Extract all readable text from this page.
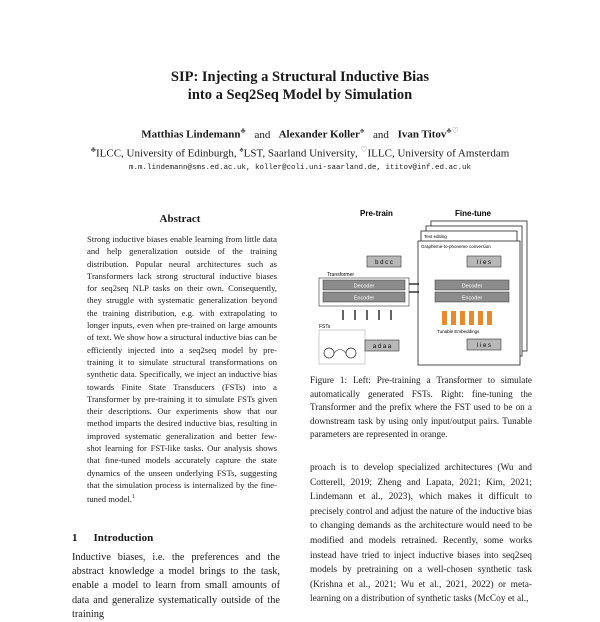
SIP: Injecting a Structural Inductive Bias
into a Seq2Seq Model by Simulation
Matthias Lindemann♣ and Alexander Koller♠ and Ivan Titov♣♡
♣ILCC, University of Edinburgh, ♠LST, Saarland University, ♡ILLC, University of Amsterdam
m.m.lindemann@sms.ed.ac.uk, koller@coli.uni-saarland.de, ititov@inf.ed.ac.uk
Abstract
Strong inductive biases enable learning from little data and help generalization outside of the training distribution. Popular neural architectures such as Transformers lack strong structural inductive biases for seq2seq NLP tasks on their own. Consequently, they struggle with systematic generalization beyond the training distribution, e.g. with extrapolating to longer inputs, even when pre-trained on large amounts of text. We show how a structural inductive bias can be efficiently injected into a seq2seq model by pre-training it to simulate structural transformations on synthetic data. Specifically, we inject an inductive bias towards Finite State Transducers (FSTs) into a Transformer by pre-training it to simulate FSTs given their descriptions. Our experiments show that our method imparts the desired inductive bias, resulting in improved systematic generalization and better few-shot learning for FST-like tasks. Our analysis shows that fine-tuned models accurately capture the state dynamics of the unseen underlying FSTs, suggesting that the simulation process is internalized by the fine-tuned model.$^1$
1 Introduction
Inductive biases, i.e. the preferences and the abstract knowledge a model brings to the task, enable a model to learn from small amounts of data and generalize systematically outside of the training
Pre-train	Fine-tune
Text editing
Grapheme-to-phoneme conversion
b d c c
Transformer
Decoder
Encoder
FSTs
a d a a
l i e s
Decoder
Encoder
Tunable Embeddings
l i e s
Figure 1: Left: Pre-training a Transformer to simulate automatically generated FSTs. Right: fine-tuning the Transformer and the prefix where the FST used to be on a downstream task by using only input/output pairs. Tunable parameters are represented in orange.
proach is to develop specialized architectures (Wu and Cotterell, 2019; Zheng and Lapata, 2021; Kim, 2021; Lindemann et al., 2023), which makes it difficult to precisely control and adjust the nature of the inductive bias to changing demands as the architecture would need to be modified and models retrained. Recently, some works instead have tried to inject inductive biases into seq2seq models by pretraining on a well-chosen synthetic task (Krishna et al., 2021; Wu et al., 2021, 2022) or meta-learning on a distribution of synthetic tasks (McCoy et al.,
